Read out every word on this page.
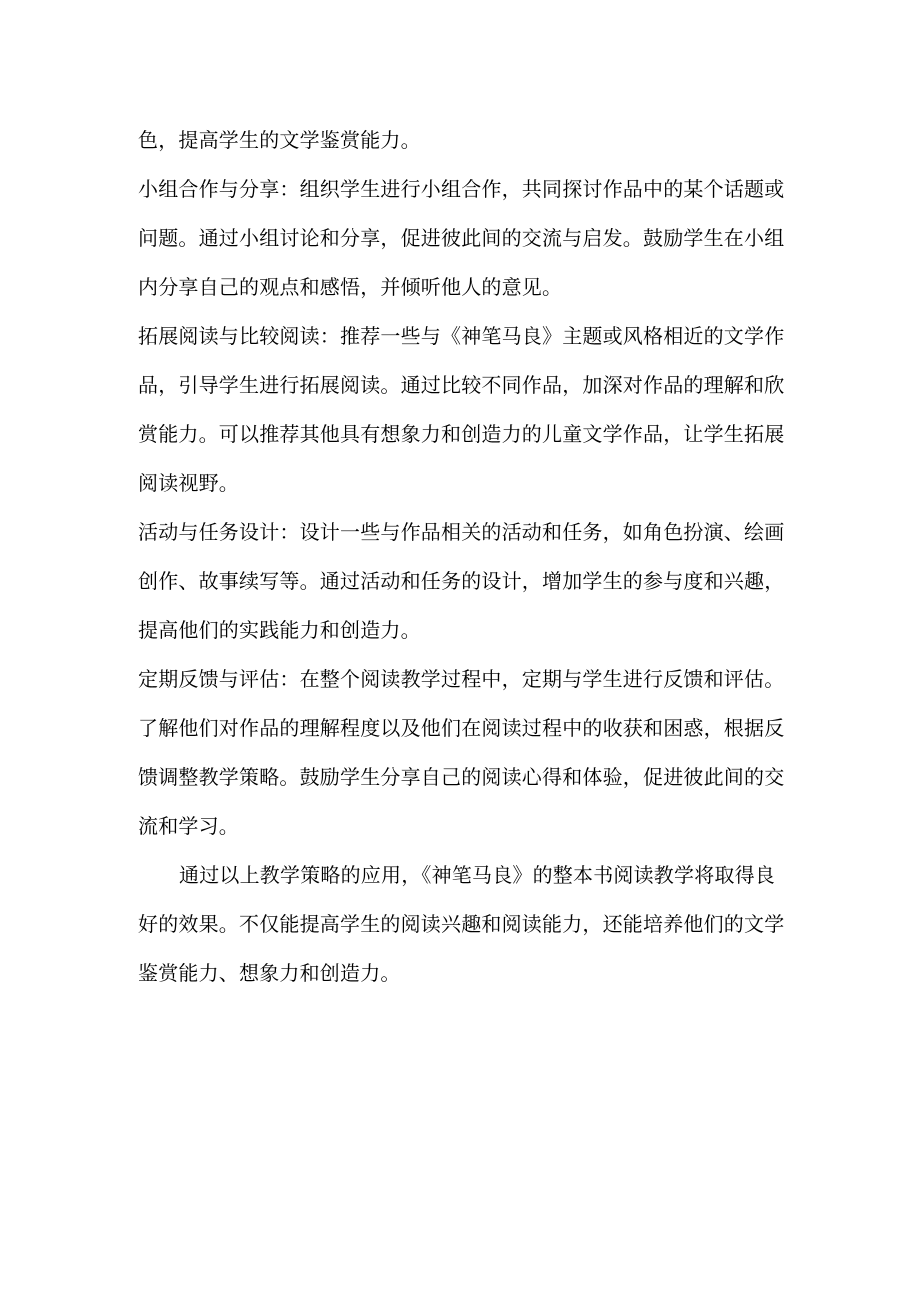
色，提高学生的文学鉴赏能力。

小组合作与分享：组织学生进行小组合作，共同探讨作品中的某个话题或

问题。通过小组讨论和分享，促进彼此间的交流与启发。鼓励学生在小组

内分享自己的观点和感悟，并倾听他人的意见。

拓展阅读与比较阅读：推荐一些与《神笔马良》主题或风格相近的文学作

品，引导学生进行拓展阅读。通过比较不同作品，加深对作品的理解和欣

赏能力。可以推荐其他具有想象力和创造力的儿童文学作品，让学生拓展

阅读视野。

活动与任务设计：设计一些与作品相关的活动和任务，如角色扮演、绘画

创作、故事续写等。通过活动和任务的设计，增加学生的参与度和兴趣，

提高他们的实践能力和创造力。

定期反馈与评估：在整个阅读教学过程中，定期与学生进行反馈和评估。

了解他们对作品的理解程度以及他们在阅读过程中的收获和困惑，根据反

馈调整教学策略。鼓励学生分享自己的阅读心得和体验，促进彼此间的交

流和学习。

通过以上教学策略的应用，《神笔马良》的整本书阅读教学将取得良

好的效果。不仅能提高学生的阅读兴趣和阅读能力，还能培养他们的文学

鉴赏能力、想象力和创造力。
